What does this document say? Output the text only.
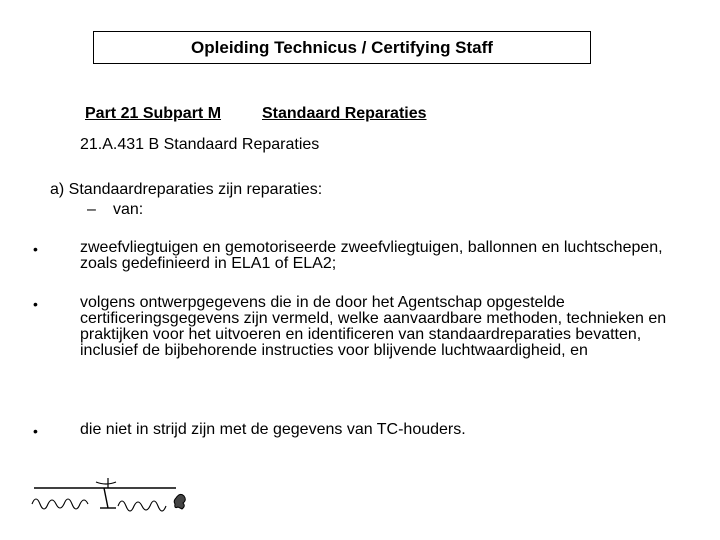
Opleiding Technicus / Certifying Staff
Part 21 Subpart M	Standaard Reparaties
21.A.431 B Standaard Reparaties
a) Standaardreparaties zijn reparaties:
– van:
•	zweefvliegtuigen en gemotoriseerde zweefvliegtuigen, ballonnen en luchtschepen, zoals gedefinieerd in ELA1 of ELA2;
•	volgens ontwerpgegevens die in de door het Agentschap opgestelde certificeringsgegevens zijn vermeld, welke aanvaardbare methoden, technieken en praktijken voor het uitvoeren en identificeren van standaardreparaties bevatten, inclusief de bijbehorende instructies voor blijvende luchtwaardigheid, en
•	die niet in strijd zijn met de gegevens van TC-houders.
